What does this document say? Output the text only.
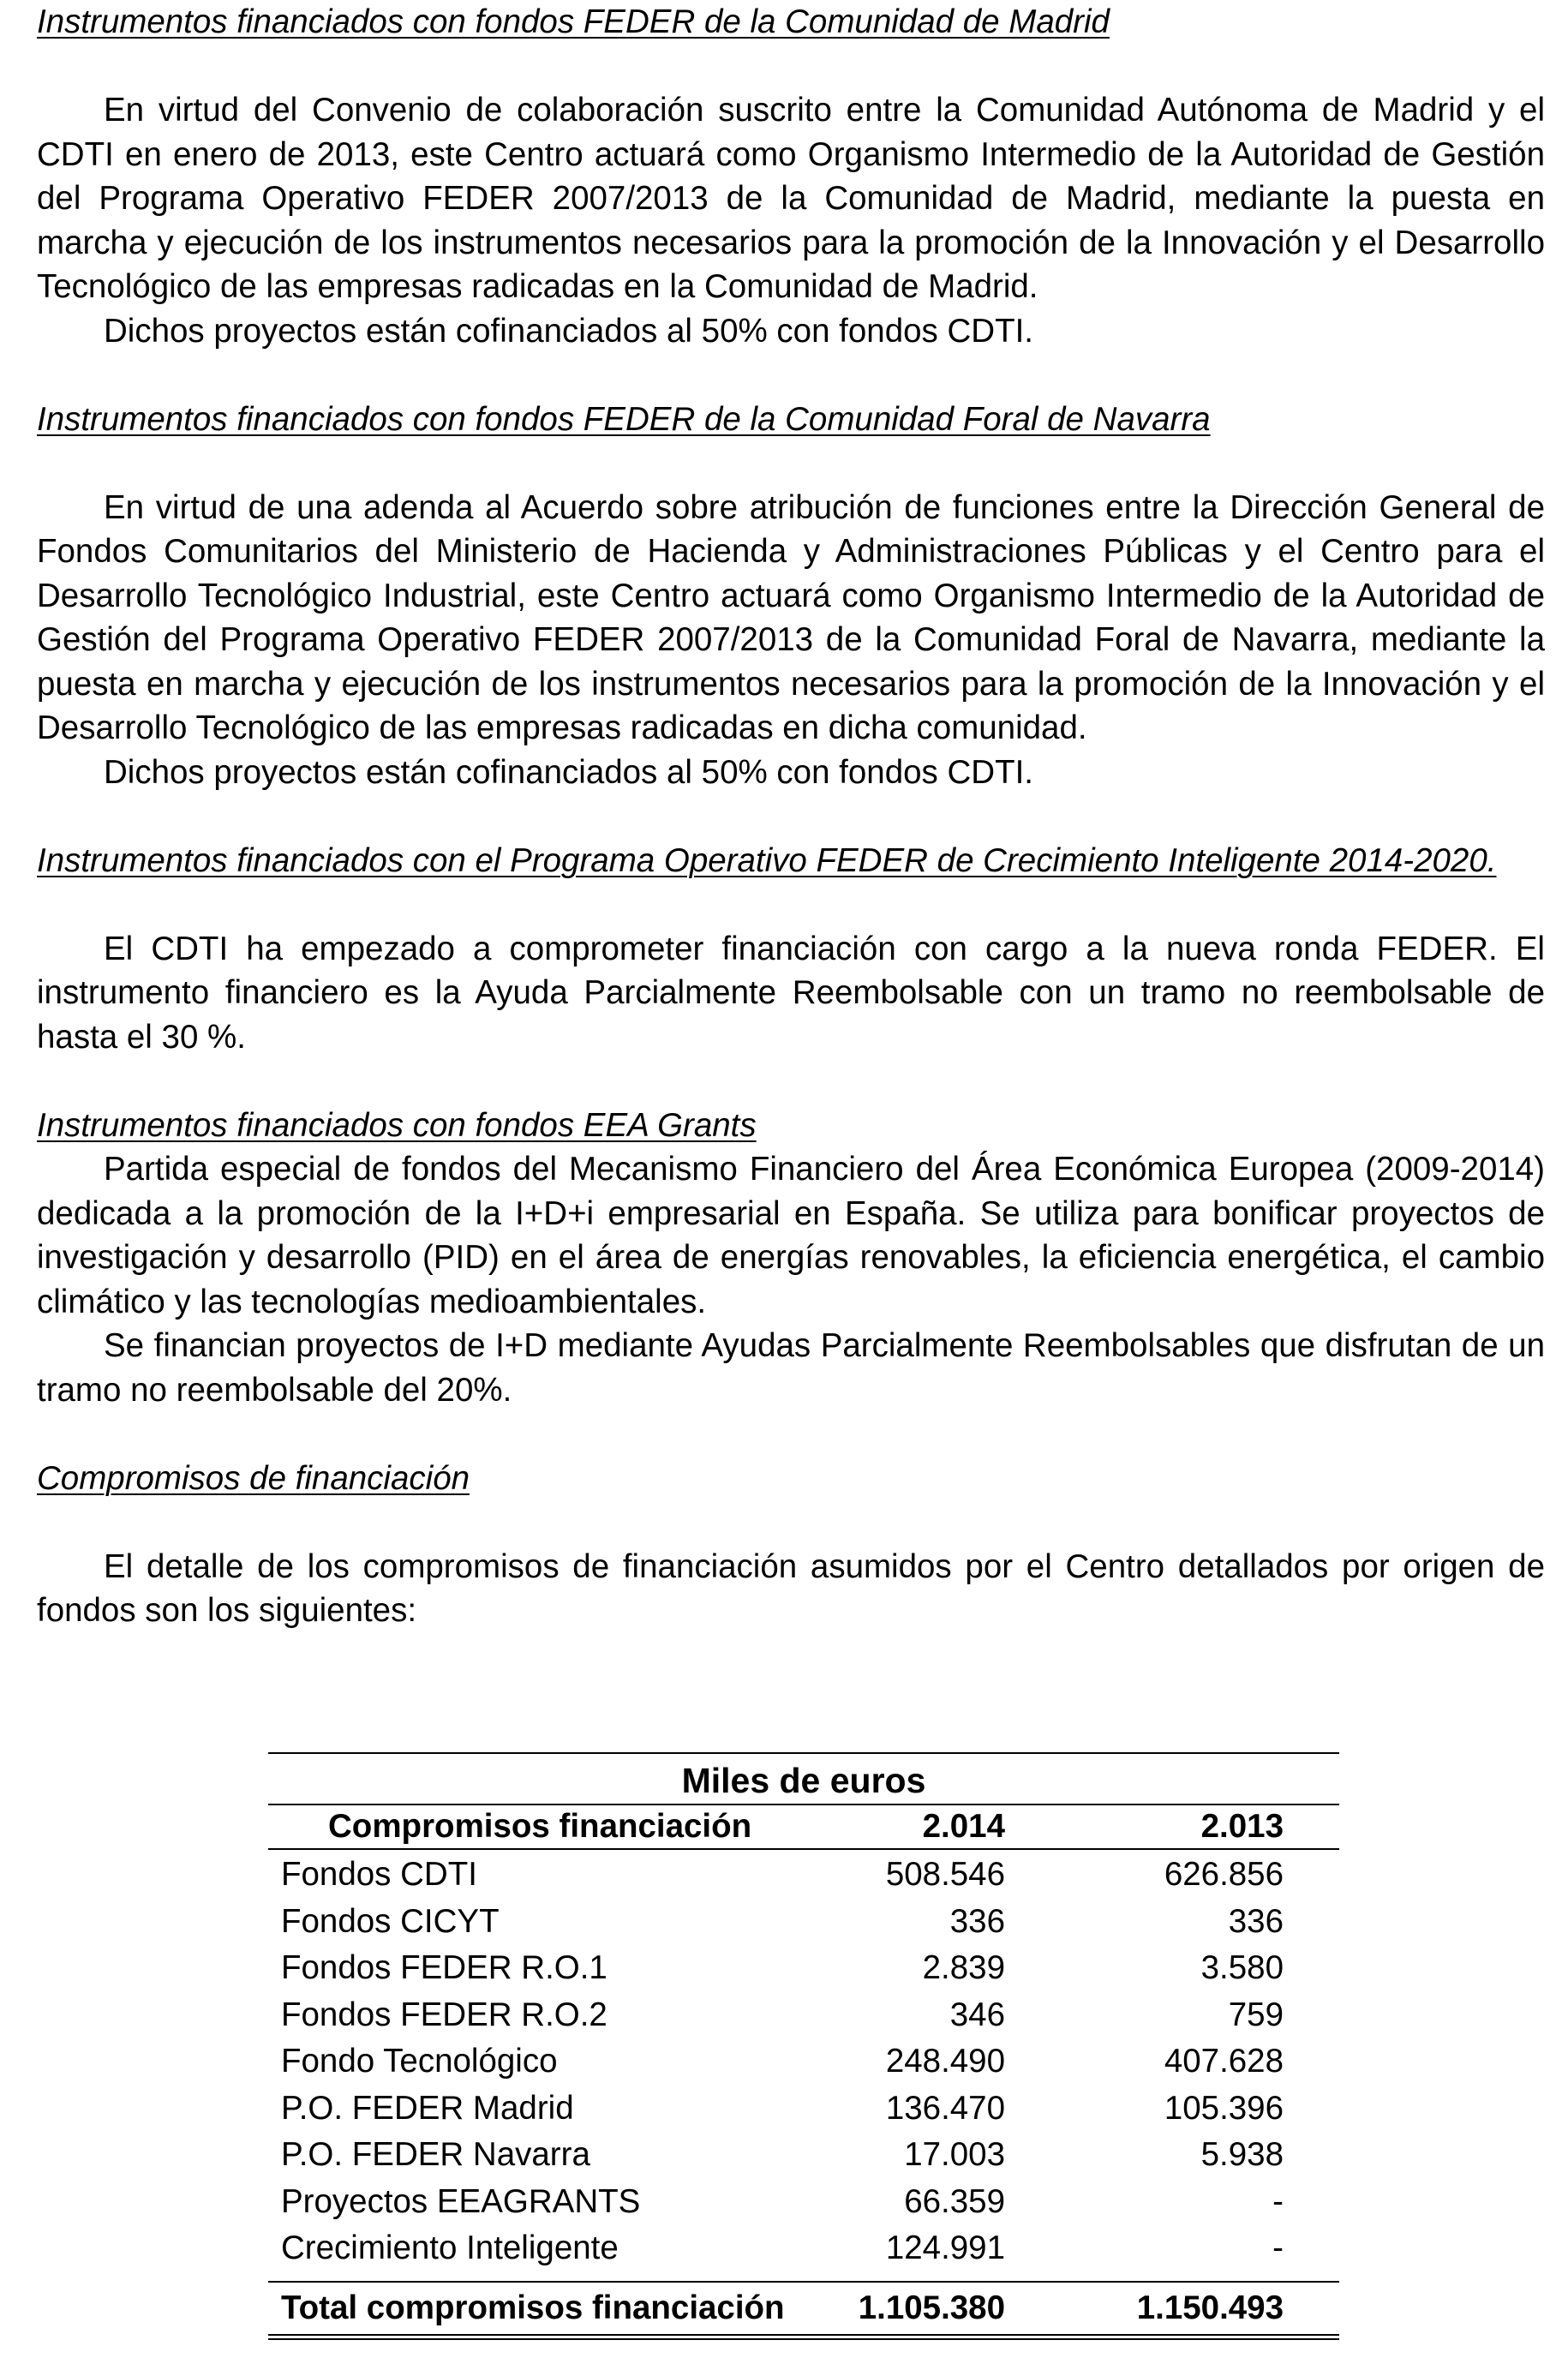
Instrumentos financiados con fondos FEDER de la Comunidad de Madrid

En virtud del Convenio de colaboración suscrito entre la Comunidad Autónoma de Madrid y el CDTI en enero de 2013, este Centro actuará como Organismo Intermedio de la Autoridad de Gestión del Programa Operativo FEDER 2007/2013 de la Comunidad de Madrid, mediante la puesta en marcha y ejecución de los instrumentos necesarios para la promoción de la Innovación y el Desarrollo Tecnológico de las empresas radicadas en la Comunidad de Madrid.

Dichos proyectos están cofinanciados al 50% con fondos CDTI.

Instrumentos financiados con fondos FEDER de la Comunidad Foral de Navarra

En virtud de una adenda al Acuerdo sobre atribución de funciones entre la Dirección General de Fondos Comunitarios del Ministerio de Hacienda y Administraciones Públicas y el Centro para el Desarrollo Tecnológico Industrial, este Centro actuará como Organismo Intermedio de la Autoridad de Gestión del Programa Operativo FEDER 2007/2013 de la Comunidad Foral de Navarra, mediante la puesta en marcha y ejecución de los instrumentos necesarios para la promoción de la Innovación y el Desarrollo Tecnológico de las empresas radicadas en dicha comunidad.

Dichos proyectos están cofinanciados al 50% con fondos CDTI.

Instrumentos financiados con el Programa Operativo FEDER de Crecimiento Inteligente 2014-2020.

El CDTI ha empezado a comprometer financiación con cargo a la nueva ronda FEDER. El instrumento financiero es la Ayuda Parcialmente Reembolsable con un tramo no reembolsable de hasta el 30 %.

Instrumentos financiados con fondos EEA Grants

Partida especial de fondos del Mecanismo Financiero del Área Económica Europea (2009-2014) dedicada a la promoción de la I+D+i empresarial en España. Se utiliza para bonificar proyectos de investigación y desarrollo (PID) en el área de energías renovables, la eficiencia energética, el cambio climático y las tecnologías medioambientales.

Se financian proyectos de I+D mediante Ayudas Parcialmente Reembolsables que disfrutan de un tramo no reembolsable del 20%.

Compromisos de financiación

El detalle de los compromisos de financiación asumidos por el Centro detallados por origen de fondos son los siguientes:

Miles de euros
Compromisos financiación	2.014	2.013
Fondos CDTI	508.546	626.856
Fondos CICYT	336	336
Fondos FEDER R.O.1	2.839	3.580
Fondos FEDER R.O.2	346	759
Fondo Tecnológico	248.490	407.628
P.O. FEDER Madrid	136.470	105.396
P.O. FEDER Navarra	17.003	5.938
Proyectos EEAGRANTS	66.359	-
Crecimiento Inteligente	124.991	-
Total compromisos financiación	1.105.380	1.150.493
